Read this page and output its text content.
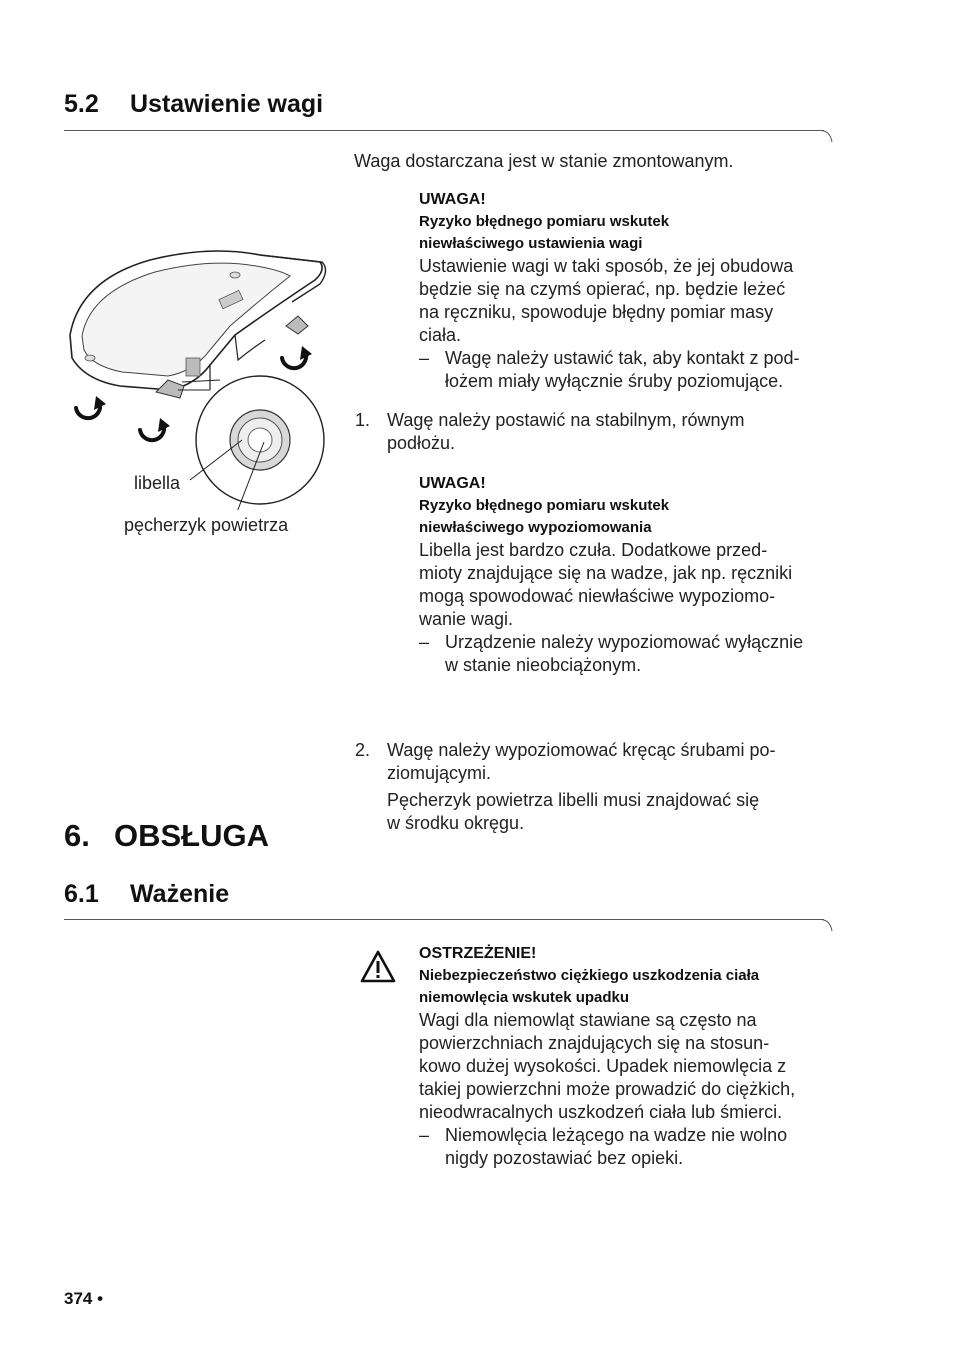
5.2 Ustawienie wagi

Waga dostarczana jest w stanie zmontowanym.

UWAGA!

Ryzyko błędnego pomiaru wskutek

niewłaściwego ustawienia wagi

Ustawienie wagi w taki sposób, że jej obudowa

będzie się na czymś opierać, np. będzie leżeć

na ręczniku, spowoduje błędny pomiar masy

ciała.

– Wagę należy ustawić tak, aby kontakt z pod-

łożem miały wyłącznie śruby poziomujące.

1. Wagę należy postawić na stabilnym, równym

podłożu.

UWAGA!

Ryzyko błędnego pomiaru wskutek

niewłaściwego wypoziomowania

Libella jest bardzo czuła. Dodatkowe przed-

mioty znajdujące się na wadze, jak np. ręczniki

mogą spowodować niewłaściwe wypoziomo-

wanie wagi.

– Urządzenie należy wypoziomować wyłącznie

w stanie nieobciążonym.

2. Wagę należy wypoziomować kręcąc śrubami po-

ziomującymi.

Pęcherzyk powietrza libelli musi znajdować się

w środku okręgu.

libella
pęcherzyk powietrza
6. OBSŁUGA
6.1 Ważenie

OSTRZEŻENIE!

Niebezpieczeństwo ciężkiego uszkodzenia ciała

niemowlęcia wskutek upadku

Wagi dla niemowląt stawiane są często na

powierzchniach znajdujących się na stosun-

kowo dużej wysokości. Upadek niemowlęcia z

takiej powierzchni może prowadzić do ciężkich,

nieodwracalnych uszkodzeń ciała lub śmierci.

– Niemowlęcia leżącego na wadze nie wolno

nigdy pozostawiać bez opieki.

374 •
